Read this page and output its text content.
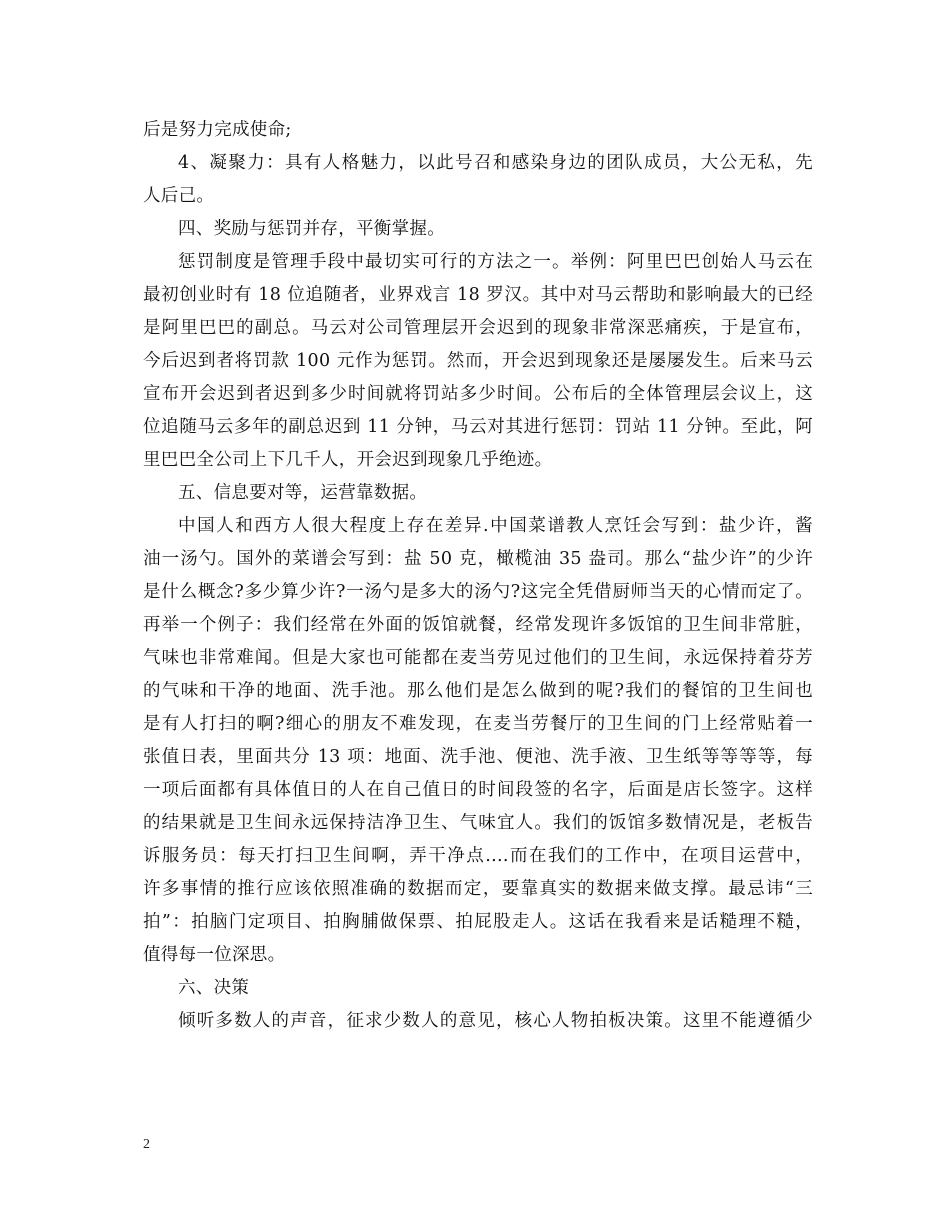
后是努力完成使命;
4、凝聚力：具有人格魅力，以此号召和感染身边的团队成员，大公无私，先
人后己。
四、奖励与惩罚并存，平衡掌握。
惩罚制度是管理手段中最切实可行的方法之一。举例：阿里巴巴创始人马云在
最初创业时有 18 位追随者，业界戏言 18 罗汉。其中对马云帮助和影响最大的已经
是阿里巴巴的副总。马云对公司管理层开会迟到的现象非常深恶痛疾，于是宣布，
今后迟到者将罚款 100 元作为惩罚。然而，开会迟到现象还是屡屡发生。后来马云
宣布开会迟到者迟到多少时间就将罚站多少时间。公布后的全体管理层会议上，这
位追随马云多年的副总迟到 11 分钟，马云对其进行惩罚：罚站 11 分钟。至此，阿
里巴巴全公司上下几千人，开会迟到现象几乎绝迹。
五、信息要对等，运营靠数据。
中国人和西方人很大程度上存在差异.中国菜谱教人烹饪会写到：盐少许，酱
油一汤勺。国外的菜谱会写到：盐 50 克，橄榄油 35 盎司。那么“盐少许”的少许
是什么概念?多少算少许?一汤勺是多大的汤勺?这完全凭借厨师当天的心情而定了。
再举一个例子：我们经常在外面的饭馆就餐，经常发现许多饭馆的卫生间非常脏，
气味也非常难闻。但是大家也可能都在麦当劳见过他们的卫生间，永远保持着芬芳
的气味和干净的地面、洗手池。那么他们是怎么做到的呢?我们的餐馆的卫生间也
是有人打扫的啊?细心的朋友不难发现，在麦当劳餐厅的卫生间的门上经常贴着一
张值日表，里面共分 13 项：地面、洗手池、便池、洗手液、卫生纸等等等等，每
一项后面都有具体值日的人在自己值日的时间段签的名字，后面是店长签字。这样
的结果就是卫生间永远保持洁净卫生、气味宜人。我们的饭馆多数情况是，老板告
诉服务员：每天打扫卫生间啊，弄干净点....而在我们的工作中，在项目运营中，
许多事情的推行应该依照准确的数据而定，要靠真实的数据来做支撑。最忌讳“三
拍”：拍脑门定项目、拍胸脯做保票、拍屁股走人。这话在我看来是话糙理不糙，
值得每一位深思。
六、决策
倾听多数人的声音，征求少数人的意见，核心人物拍板决策。这里不能遵循少
2
